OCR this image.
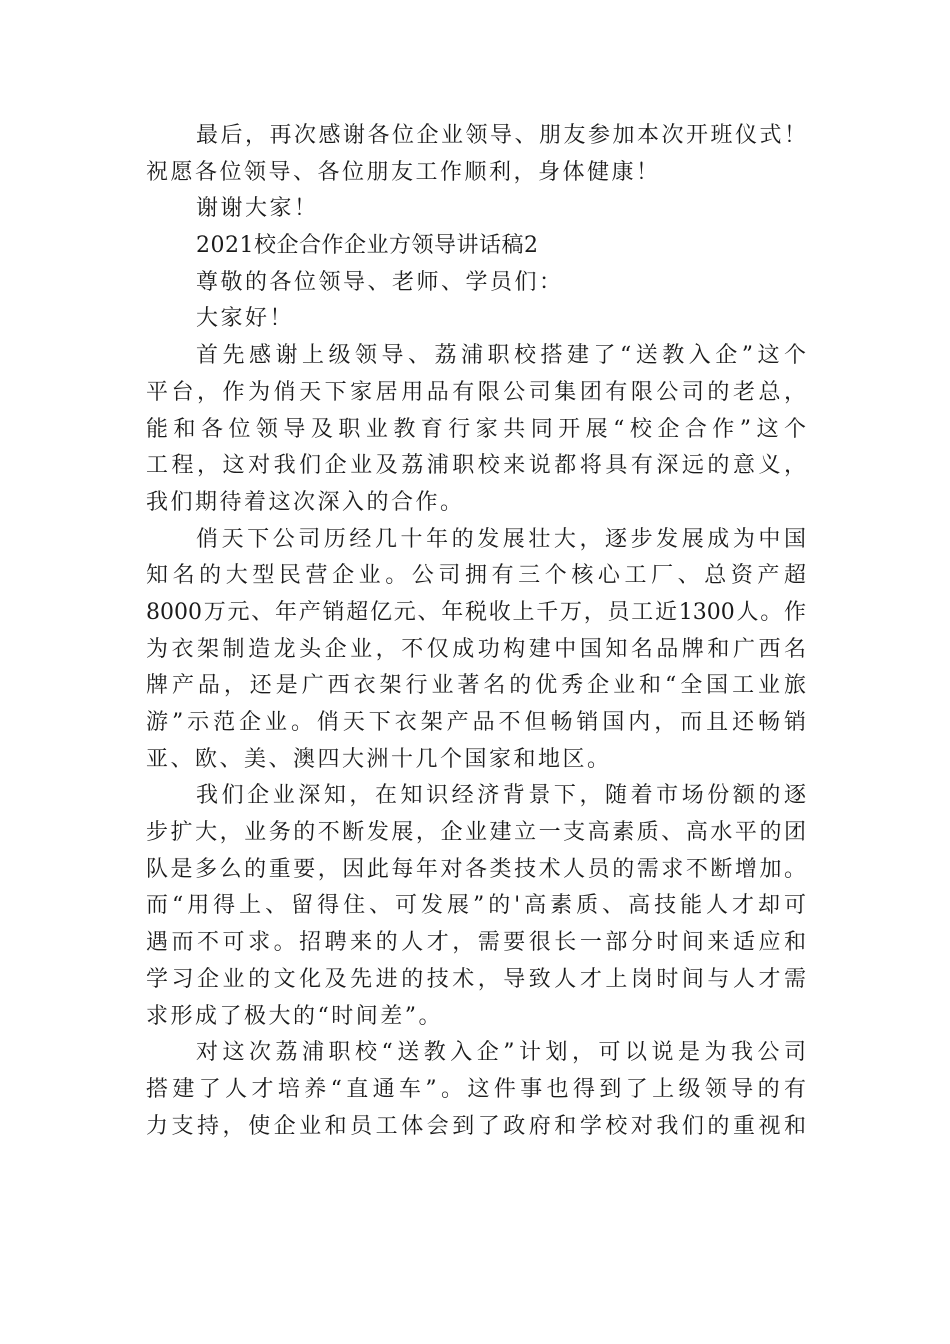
最后，再次感谢各位企业领导、朋友参加本次开班仪式！
祝愿各位领导、各位朋友工作顺利，身体健康！
谢谢大家！
2021校企合作企业方领导讲话稿2
尊敬的各位领导、老师、学员们：
大家好！
首先感谢上级领导、荔浦职校搭建了“送教入企”这个
平台，作为俏天下家居用品有限公司集团有限公司的老总，
能和各位领导及职业教育行家共同开展“校企合作”这个
工程，这对我们企业及荔浦职校来说都将具有深远的意义，
我们期待着这次深入的合作。
俏天下公司历经几十年的发展壮大，逐步发展成为中国
知名的大型民营企业。公司拥有三个核心工厂、总资产超
8000万元、年产销超亿元、年税收上千万，员工近1300人。作
为衣架制造龙头企业，不仅成功构建中国知名品牌和广西名
牌产品，还是广西衣架行业著名的优秀企业和“全国工业旅
游”示范企业。俏天下衣架产品不但畅销国内，而且还畅销
亚、欧、美、澳四大洲十几个国家和地区。
我们企业深知，在知识经济背景下，随着市场份额的逐
步扩大，业务的不断发展，企业建立一支高素质、高水平的团
队是多么的重要，因此每年对各类技术人员的需求不断增加。
而“用得上、留得住、可发展”的'高素质、高技能人才却可
遇而不可求。招聘来的人才，需要很长一部分时间来适应和
学习企业的文化及先进的技术，导致人才上岗时间与人才需
求形成了极大的“时间差”。
对这次荔浦职校“送教入企”计划，可以说是为我公司
搭建了人才培养“直通车”。这件事也得到了上级领导的有
力支持，使企业和员工体会到了政府和学校对我们的重视和
